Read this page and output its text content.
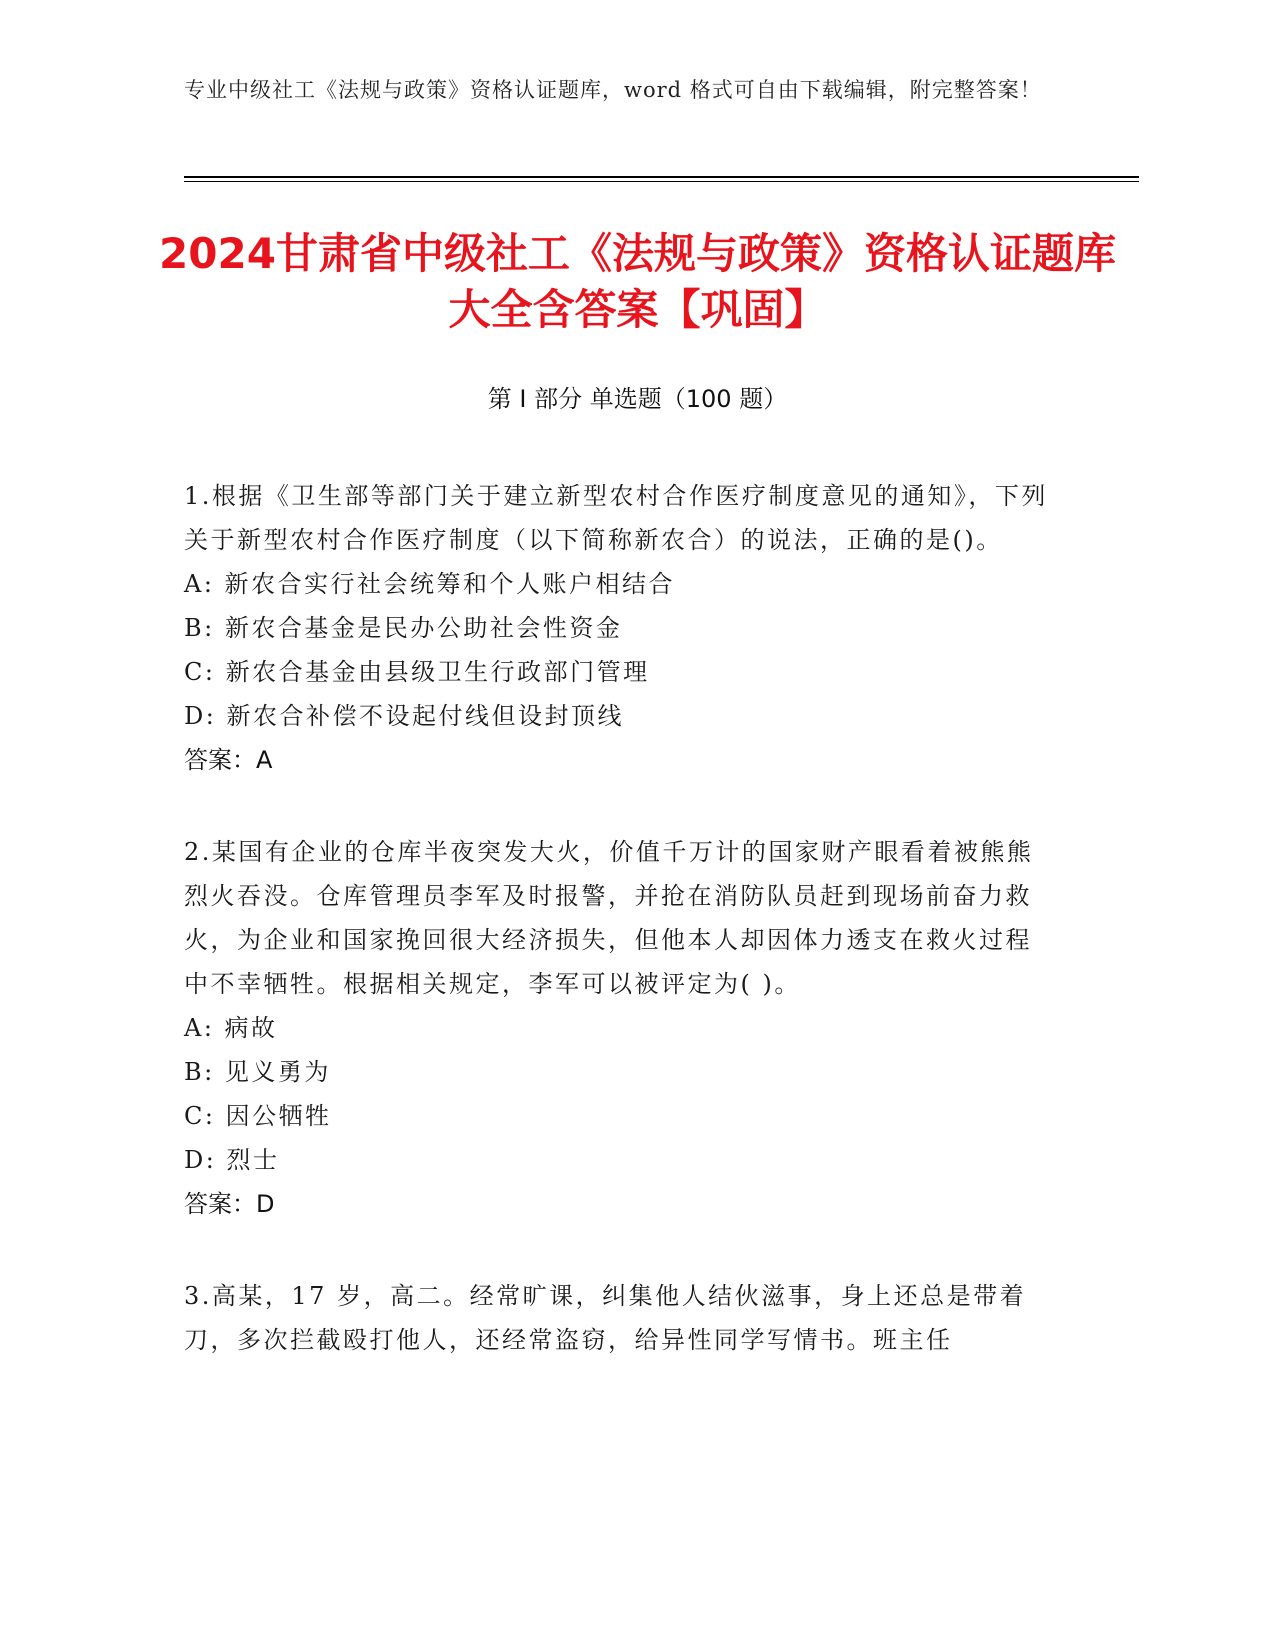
专业中级社工《法规与政策》资格认证题库，word 格式可自由下载编辑，附完整答案！
2024甘肃省中级社工《法规与政策》资格认证题库大全含答案【巩固】
第 I 部分 单选题（100 题）

1.根据《卫生部等部门关于建立新型农村合作医疗制度意见的通知》，下列关于新型农村合作医疗制度（以下简称新农合）的说法，正确的是()。

A: 新农合实行社会统筹和个人账户相结合

B: 新农合基金是民办公助社会性资金

C: 新农合基金由县级卫生行政部门管理

D: 新农合补偿不设起付线但设封顶线

答案：A

2.某国有企业的仓库半夜突发大火，价值千万计的国家财产眼看着被熊熊烈火吞没。仓库管理员李军及时报警，并抢在消防队员赶到现场前奋力救火，为企业和国家挽回很大经济损失，但他本人却因体力透支在救火过程中不幸牺牲。根据相关规定，李军可以被评定为( )。

A: 病故

B: 见义勇为

C: 因公牺牲

D: 烈士

答案：D

3.高某，17 岁，高二。经常旷课，纠集他人结伙滋事，身上还总是带着刀，多次拦截殴打他人，还经常盗窃，给异性同学写情书。班主任
